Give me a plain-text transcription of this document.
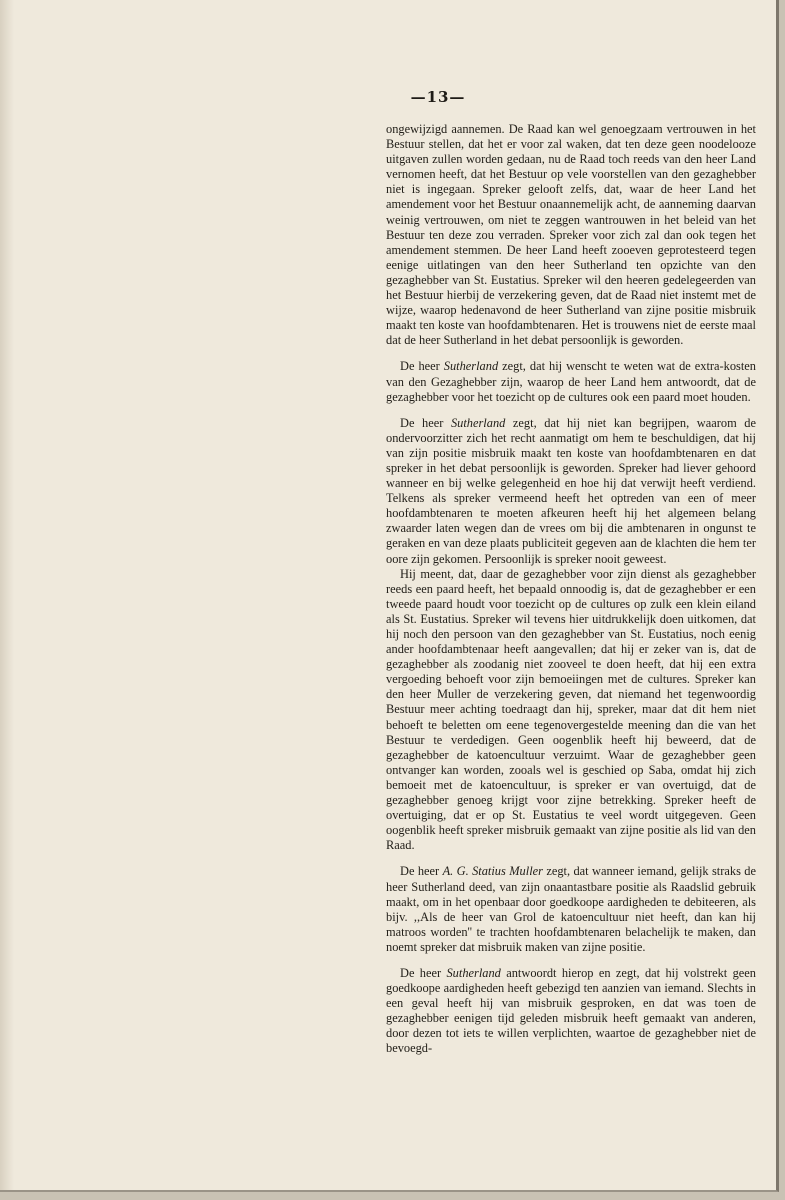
—13—

ongewijzigd aannemen. De Raad kan wel genoegzaam vertrouwen in het Bestuur stellen, dat het er voor zal waken, dat ten deze geen noodelooze uitgaven zullen worden gedaan, nu de Raad toch reeds van den heer Land vernomen heeft, dat het Bestuur op vele voorstellen van den gezaghebber niet is ingegaan. Spreker gelooft zelfs, dat, waar de heer Land het amendement voor het Bestuur onaannemelijk acht, de aanneming daarvan weinig vertrouwen, om niet te zeggen wantrouwen in het beleid van het Bestuur ten deze zou verraden. Spreker voor zich zal dan ook tegen het amendement stemmen. De heer Land heeft zooeven geprotesteerd tegen eenige uitlatingen van den heer Sutherland ten opzichte van den gezaghebber van St. Eustatius. Spreker wil den heeren gedelegeerden van het Bestuur hierbij de verzekering geven, dat de Raad niet instemt met de wijze, waarop hedenavond de heer Sutherland van zijne positie misbruik maakt ten koste van hoofdambtenaren. Het is trouwens niet de eerste maal dat de heer Sutherland in het debat persoonlijk is geworden.

De heer Sutherland zegt, dat hij wenscht te weten wat de extra-kosten van den Gezaghebber zijn, waarop de heer Land hem antwoordt, dat de gezaghebber voor het toezicht op de cultures ook een paard moet houden.

De heer Sutherland zegt, dat hij niet kan begrijpen, waarom de ondervoorzitter zich het recht aanmatigt om hem te beschuldigen, dat hij van zijn positie misbruik maakt ten koste van hoofdambtenaren en dat spreker in het debat persoonlijk is geworden. Spreker had liever gehoord wanneer en bij welke gelegenheid en hoe hij dat verwijt heeft verdiend. Telkens als spreker vermeend heeft het optreden van een of meer hoofdambtenaren te moeten afkeuren heeft hij het algemeen belang zwaarder laten wegen dan de vrees om bij die ambtenaren in ongunst te geraken en van deze plaats publiciteit gegeven aan de klachten die hem ter oore zijn gekomen. Persoonlijk is spreker nooit geweest.

Hij meent, dat, daar de gezaghebber voor zijn dienst als gezaghebber reeds een paard heeft, het bepaald onnoodig is, dat de gezaghebber er een tweede paard houdt voor toezicht op de cultures op zulk een klein eiland als St. Eustatius. Spreker wil tevens hier uitdrukkelijk doen uitkomen, dat hij noch den persoon van den gezaghebber van St. Eustatius, noch eenig ander hoofdambtenaar heeft aangevallen; dat hij er zeker van is, dat de gezaghebber als zoodanig niet zooveel te doen heeft, dat hij een extra vergoeding behoeft voor zijn bemoeiingen met de cultures. Spreker kan den heer Muller de verzekering geven, dat niemand het tegenwoordig Bestuur meer achting toedraagt dan hij, spreker, maar dat dit hem niet behoeft te beletten om eene tegenovergestelde meening dan die van het Bestuur te verdedigen. Geen oogenblik heeft hij beweerd, dat de gezaghebber de katoencultuur verzuimt. Waar de gezaghebber geen ontvanger kan worden, zooals wel is geschied op Saba, omdat hij zich bemoeit met de katoencultuur, is spreker er van overtuigd, dat de gezaghebber genoeg krijgt voor zijne betrekking. Spreker heeft de overtuiging, dat er op St. Eustatius te veel wordt uitgegeven. Geen oogenblik heeft spreker misbruik gemaakt van zijne positie als lid van den Raad.

De heer A. G. Statius Muller zegt, dat wanneer iemand, gelijk straks de heer Sutherland deed, van zijn onaantastbare positie als Raadslid gebruik maakt, om in het openbaar door goedkoope aardigheden te debiteeren, als bijv. ,,Als de heer van Grol de katoencultuur niet heeft, dan kan hij matroos worden'' te trachten hoofdambtenaren belachelijk te maken, dan noemt spreker dat misbruik maken van zijne positie.

De heer Sutherland antwoordt hierop en zegt, dat hij volstrekt geen goedkoope aardigheden heeft gebezigd ten aanzien van iemand. Slechts in een geval heeft hij van misbruik gesproken, en dat was toen de gezaghebber eenigen tijd geleden misbruik heeft gemaakt van anderen, door dezen tot iets te willen verplichten, waartoe de gezaghebber niet de bevoegd-
